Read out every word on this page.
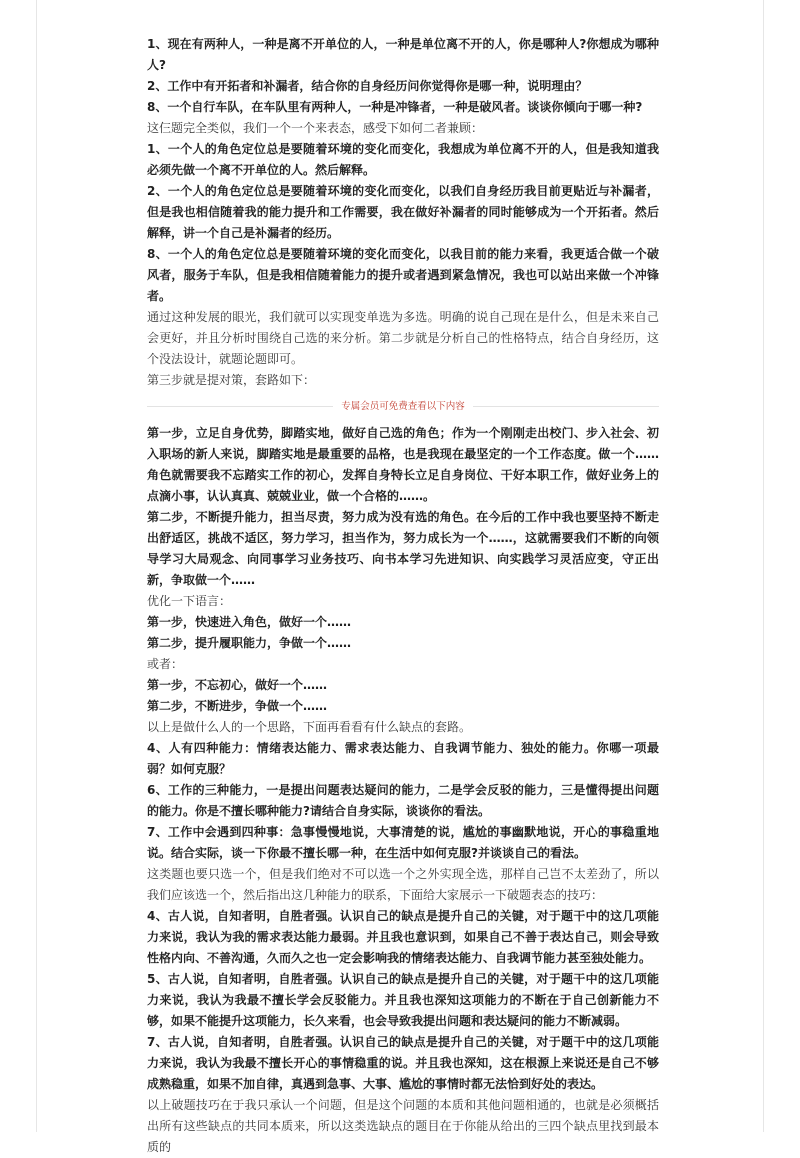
1、现在有两种人，一种是离不开单位的人，一种是单位离不开的人，你是哪种人?你想成为哪种人?

2、工作中有开拓者和补漏者，结合你的自身经历问你觉得你是哪一种，说明理由？

8、一个自行车队，在车队里有两种人，一种是冲锋者，一种是破风者。谈谈你倾向于哪一种?

这仨题完全类似，我们一个一个来表态，感受下如何二者兼顾：

1、一个人的角色定位总是要随着环境的变化而变化，我想成为单位离不开的人，但是我知道我必须先做一个离不开单位的人。然后解释。

2、一个人的角色定位总是要随着环境的变化而变化，以我们自身经历我目前更贴近与补漏者，但是我也相信随着我的能力提升和工作需要，我在做好补漏者的同时能够成为一个开拓者。然后解释，讲一个自己是补漏者的经历。

8、一个人的角色定位总是要随着环境的变化而变化，以我目前的能力来看，我更适合做一个破风者，服务于车队，但是我相信随着能力的提升或者遇到紧急情况，我也可以站出来做一个冲锋者。

通过这种发展的眼光，我们就可以实现变单选为多选。明确的说自己现在是什么，但是未来自己会更好，并且分析时围绕自己选的来分析。第二步就是分析自己的性格特点，结合自身经历，这个没法设计，就题论题即可。

第三步就是提对策，套路如下：

专属会员可免费查看以下内容

第一步，立足自身优势，脚踏实地，做好自己选的角色；作为一个刚刚走出校门、步入社会、初入职场的新人来说，脚踏实地是最重要的品格，也是我现在最坚定的一个工作态度。做一个……角色就需要我不忘踏实工作的初心，发挥自身特长立足自身岗位、干好本职工作，做好业务上的点滴小事，认认真真、兢兢业业，做一个合格的……。

第二步，不断提升能力，担当尽责，努力成为没有选的角色。在今后的工作中我也要坚持不断走出舒适区，挑战不适区，努力学习，担当作为，努力成长为一个……，这就需要我们不断的向领导学习大局观念、向同事学习业务技巧、向书本学习先进知识、向实践学习灵活应变，守正出新，争取做一个……

优化一下语言：

第一步，快速进入角色，做好一个……

第二步，提升履职能力，争做一个……

或者：

第一步，不忘初心，做好一个……

第二步，不断进步，争做一个……

以上是做什么人的一个思路，下面再看看有什么缺点的套路。

4、人有四种能力：情绪表达能力、需求表达能力、自我调节能力、独处的能力。你哪一项最弱？如何克服？

6、工作的三种能力，一是提出问题表达疑问的能力，二是学会反驳的能力，三是懂得提出问题的能力。你是不擅长哪种能力?请结合自身实际，谈谈你的看法。

7、工作中会遇到四种事：急事慢慢地说，大事清楚的说，尴尬的事幽默地说，开心的事稳重地说。结合实际，谈一下你最不擅长哪一种，在生活中如何克服?并谈谈自己的看法。

这类题也要只选一个，但是我们绝对不可以选一个之外实现全选，那样自己岂不太差劲了，所以我们应该选一个，然后指出这几种能力的联系，下面给大家展示一下破题表态的技巧：

4、古人说，自知者明，自胜者强。认识自己的缺点是提升自己的关键，对于题干中的这几项能力来说，我认为我的需求表达能力最弱。并且我也意识到，如果自己不善于表达自己，则会导致性格内向、不善沟通，久而久之也一定会影响我的情绪表达能力、自我调节能力甚至独处能力。

5、古人说，自知者明，自胜者强。认识自己的缺点是提升自己的关键，对于题干中的这几项能力来说，我认为我最不擅长学会反驳能力。并且我也深知这项能力的不断在于自己创新能力不够，如果不能提升这项能力，长久来看，也会导致我提出问题和表达疑问的能力不断减弱。

7、古人说，自知者明，自胜者强。认识自己的缺点是提升自己的关键，对于题干中的这几项能力来说，我认为我最不擅长开心的事情稳重的说。并且我也深知，这在根源上来说还是自己不够成熟稳重，如果不加自律，真遇到急事、大事、尴尬的事情时都无法恰到好处的表达。

以上破题技巧在于我只承认一个问题，但是这个问题的本质和其他问题相通的，也就是必须概括出所有这些缺点的共同本质来，所以这类选缺点的题目在于你能从给出的三四个缺点里找到最本质的
